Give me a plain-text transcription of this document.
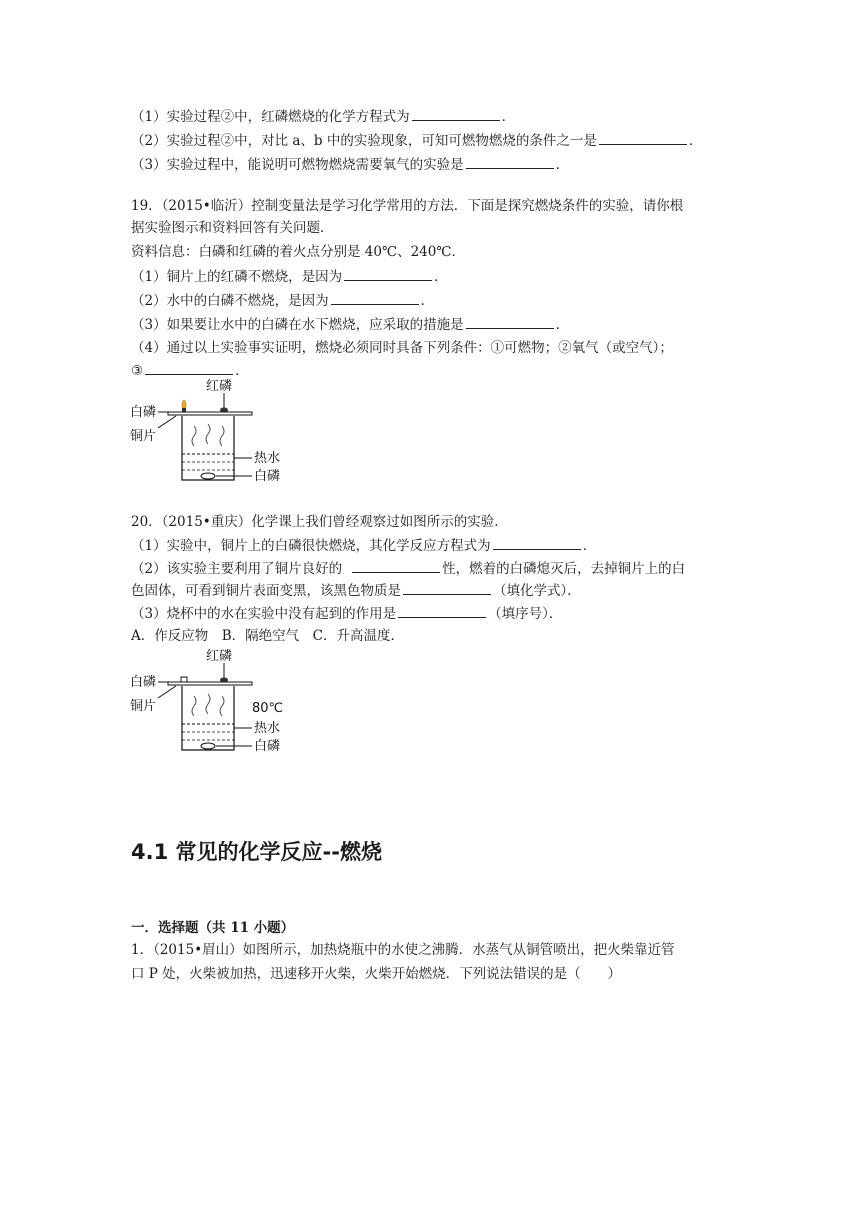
（1）实验过程②中，红磷燃烧的化学方程式为	．
（2）实验过程②中，对比 a、b 中的实验现象，可知可燃物燃烧的条件之一是	．
（3）实验过程中，能说明可燃物燃烧需要氧气的实验是	．
19．（2015•临沂）控制变量法是学习化学常用的方法．下面是探究燃烧条件的实验，请你根
据实验图示和资料回答有关问题．
资料信息：白磷和红磷的着火点分别是 40℃、240℃．
（1）铜片上的红磷不燃烧，是因为	．
（2）水中的白磷不燃烧，是因为	．
（3）如果要让水中的白磷在水下燃烧，应采取的措施是	．
（4）通过以上实验事实证明，燃烧必须同时具备下列条件：①可燃物；②氧气（或空气）；
③	．
红磷
白磷
铜片
热水
白磷
20．（2015•重庆）化学课上我们曾经观察过如图所示的实验．
（1）实验中，铜片上的白磷很快燃烧，其化学反应方程式为	．
（2）该实验主要利用了铜片良好的	性，燃着的白磷熄灭后，去掉铜片上的白
色固体，可看到铜片表面变黑，该黑色物质是	（填化学式）．
（3）烧杯中的水在实验中没有起到的作用是	（填序号）．
A．作反应物　B．隔绝空气　C．升高温度．
红磷
白磷
铜片	80℃
热水
白磷
4.1 常见的化学反应--燃烧
一．选择题（共 11 小题）
1．（2015•眉山）如图所示，加热烧瓶中的水使之沸腾．水蒸气从铜管喷出，把火柴靠近管
口 P 处，火柴被加热，迅速移开火柴，火柴开始燃烧．下列说法错误的是（　　）
